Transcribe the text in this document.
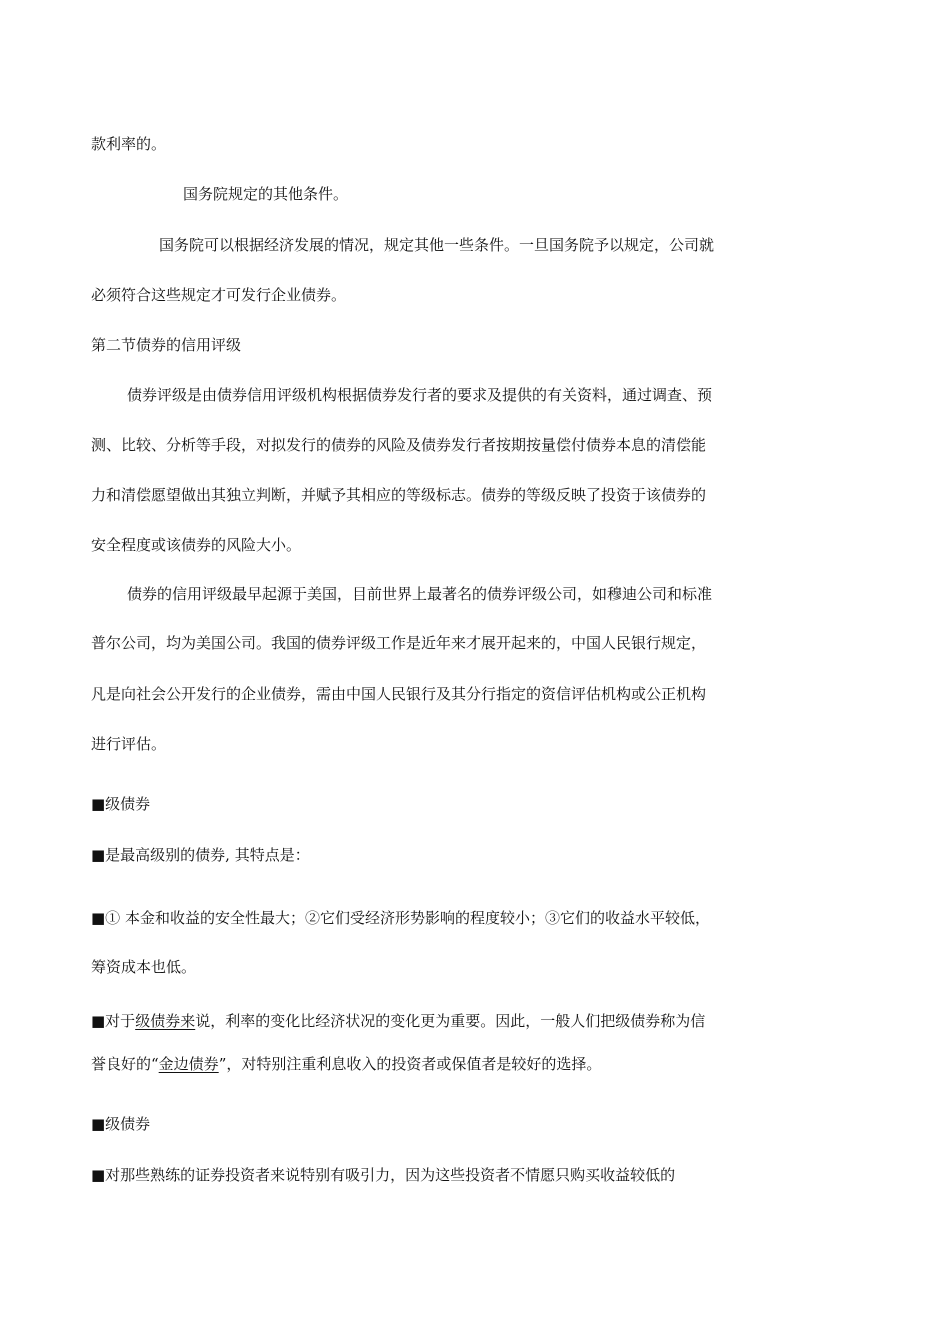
款利率的。
国务院规定的其他条件。
国务院可以根据经济发展的情况，规定其他一些条件。一旦国务院予以规定，公司就
必须符合这些规定才可发行企业债券。
第二节债券的信用评级
债券评级是由债券信用评级机构根据债券发行者的要求及提供的有关资料，通过调查、预
测、比较、分析等手段，对拟发行的债券的风险及债券发行者按期按量偿付债券本息的清偿能
力和清偿愿望做出其独立判断，并赋予其相应的等级标志。债券的等级反映了投资于该债券的
安全程度或该债券的风险大小。
债券的信用评级最早起源于美国，目前世界上最著名的债券评级公司，如穆迪公司和标准
普尔公司，均为美国公司。我国的债券评级工作是近年来才展开起来的，中国人民银行规定，
凡是向社会公开发行的企业债券，需由中国人民银行及其分行指定的资信评估机构或公正机构
进行评估。
■级债券
■是最高级别的债券, 其特点是：
■① 本金和收益的安全性最大；②它们受经济形势影响的程度较小；③它们的收益水平较低，
筹资成本也低。
■对于级债券来说，利率的变化比经济状况的变化更为重要。因此，一般人们把级债券称为信
誉良好的“金边债券”，对特别注重利息收入的投资者或保值者是较好的选择。
■级债券
■对那些熟练的证券投资者来说特别有吸引力，因为这些投资者不情愿只购买收益较低的
